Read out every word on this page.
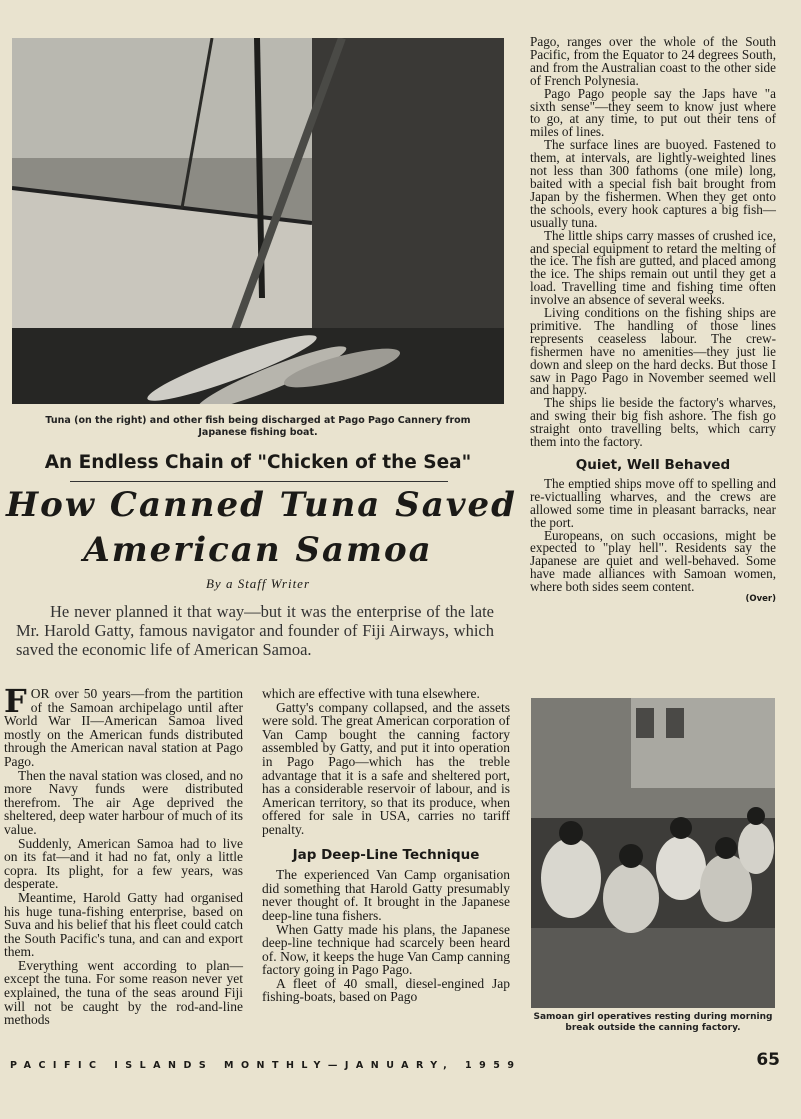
Tuna (on the right) and other fish being discharged at Pago Pago Cannery from Japanese fishing boat.
An Endless Chain of "Chicken of the Sea"
How Canned Tuna Saved
American Samoa
By a Staff Writer
He never planned it that way—but it was the enterprise of the late Mr. Harold Gatty, famous navigator and founder of Fiji Airways, which saved the economic life of American Samoa.

FOR over 50 years—from the partition of the Samoan archipelago until after World War II—American Samoa lived mostly on the American funds distributed through the American naval station at Pago Pago.

Then the naval station was closed, and no more Navy funds were distributed therefrom. The air Age deprived the sheltered, deep water harbour of much of its value.

Suddenly, American Samoa had to live on its fat—and it had no fat, only a little copra. Its plight, for a few years, was desperate.

Meantime, Harold Gatty had organised his huge tuna-fishing enterprise, based on Suva and his belief that his fleet could catch the South Pacific's tuna, and can and export them.

Everything went according to plan—except the tuna. For some reason never yet explained, the tuna of the seas around Fiji will not be caught by the rod-and-line methods

which are effective with tuna elsewhere.

Gatty's company collapsed, and the assets were sold. The great American corporation of Van Camp bought the canning factory assembled by Gatty, and put it into operation in Pago Pago—which has the treble advantage that it is a safe and sheltered port, has a considerable reservoir of labour, and is American territory, so that its produce, when offered for sale in USA, carries no tariff penalty.

Jap Deep-Line Technique

The experienced Van Camp organisation did something that Harold Gatty presumably never thought of. It brought in the Japanese deep-line tuna fishers.

When Gatty made his plans, the Japanese deep-line technique had scarcely been heard of. Now, it keeps the huge Van Camp canning factory going in Pago Pago.

A fleet of 40 small, diesel-engined Jap fishing-boats, based on Pago

Pago, ranges over the whole of the South Pacific, from the Equator to 24 degrees South, and from the Australian coast to the other side of French Polynesia.

Pago Pago people say the Japs have "a sixth sense"—they seem to know just where to go, at any time, to put out their tens of miles of lines.

The surface lines are buoyed. Fastened to them, at intervals, are lightly-weighted lines not less than 300 fathoms (one mile) long, baited with a special fish bait brought from Japan by the fishermen. When they get onto the schools, every hook captures a big fish—usually tuna.

The little ships carry masses of crushed ice, and special equipment to retard the melting of the ice. The fish are gutted, and placed among the ice. The ships remain out until they get a load. Travelling time and fishing time often involve an absence of several weeks.

Living conditions on the fishing ships are primitive. The handling of those lines represents ceaseless labour. The crew-fishermen have no amenities—they just lie down and sleep on the hard decks. But those I saw in Pago Pago in November seemed well and happy.

The ships lie beside the factory's wharves, and swing their big fish ashore. The fish go straight onto travelling belts, which carry them into the factory.

Quiet, Well Behaved

The emptied ships move off to spelling and re-victualling wharves, and the crews are allowed some time in pleasant barracks, near the port.

Europeans, on such occasions, might be expected to "play hell". Residents say the Japanese are quiet and well-behaved. Some have made alliances with Samoan women, where both sides seem content.

(Over)
Samoan girl operatives resting during morning break outside the canning factory.
PACIFIC ISLANDS MONTHLY—JANUARY, 1959	65
